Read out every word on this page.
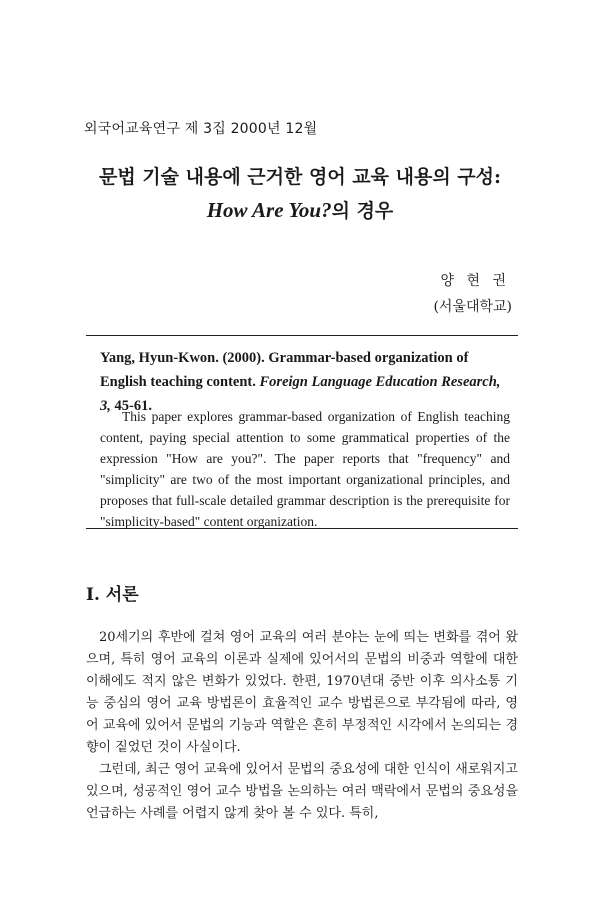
외국어교육연구 제 3집 2000년 12월
문법 기술 내용에 근거한 영어 교육 내용의 구성:
How Are You?의 경우
양 현 권
(서울대학교)
Yang, Hyun-Kwon. (2000). Grammar-based organization of English teaching content. Foreign Language Education Research, 3, 45-61.
This paper explores grammar-based organization of English teaching content, paying special attention to some grammatical properties of the expression "How are you?". The paper reports that "frequency" and "simplicity" are two of the most important organizational principles, and proposes that full-scale detailed grammar description is the prerequisite for "simplicity-based" content organization.
Ⅰ. 서론

20세기의 후반에 걸쳐 영어 교육의 여러 분야는 눈에 띄는 변화를 겪어 왔으며, 특히 영어 교육의 이론과 실제에 있어서의 문법의 비중과 역할에 대한 이해에도 적지 않은 변화가 있었다. 한편, 1970년대 중반 이후 의사소통 기능 중심의 영어 교육 방법론이 효율적인 교수 방법론으로 부각됨에 따라, 영어 교육에 있어서 문법의 기능과 역할은 흔히 부정적인 시각에서 논의되는 경향이 짙었던 것이 사실이다.

그런데, 최근 영어 교육에 있어서 문법의 중요성에 대한 인식이 새로워지고 있으며, 성공적인 영어 교수 방법을 논의하는 여러 맥락에서 문법의 중요성을 언급하는 사례를 어렵지 않게 찾아 볼 수 있다. 특히,
